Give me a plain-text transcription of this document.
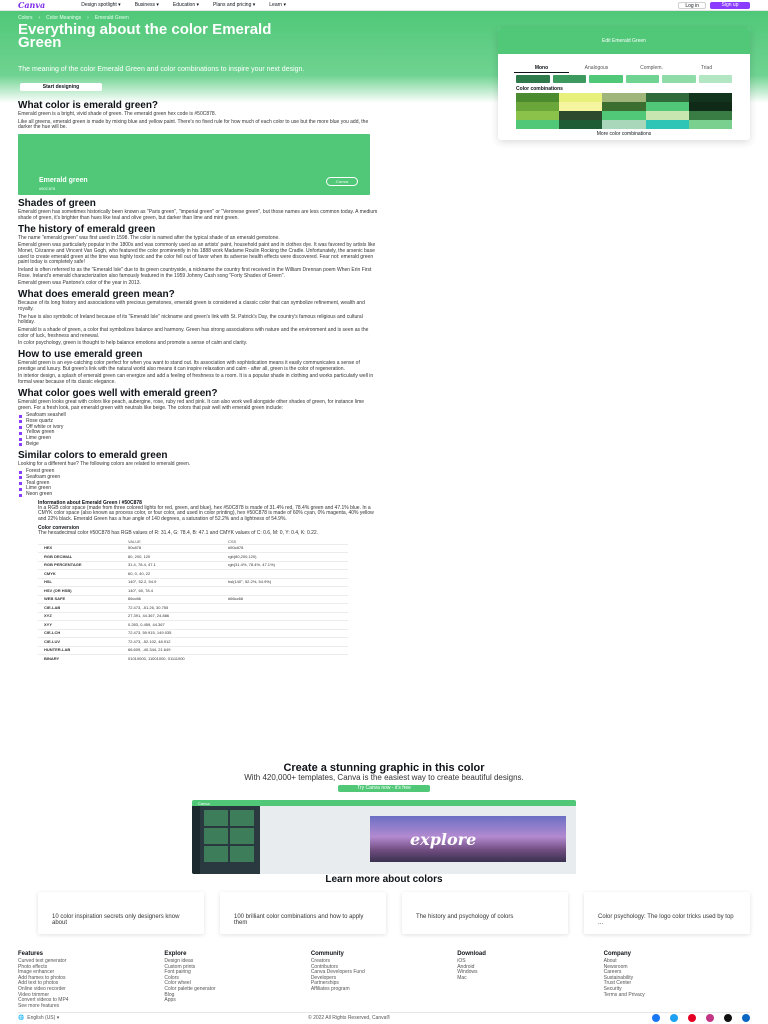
Canva	Design spotlight ▾	Business ▾	Education ▾	Plans and pricing ▾	Learn ▾	Log in	Sign up
Colors › Color Meanings › Emerald Green
Everything about the color Emerald Green
The meaning of the color Emerald Green and color combinations to inspire your next design.
Start designing
Edit Emerald Green
Mono	Analogous	Complem.	Triad
Color combinations
More color combinations
What color is emerald green?

Emerald green is a bright, vivid shade of green. The emerald green hex code is #50C878.

Like all greens, emerald green is made by mixing blue and yellow paint. There's no fixed rule for how much of each color to use but the more blue you add, the darker the hue will be.

Emerald green
#50C878
Canva
Shades of green

Emerald green has sometimes historically been known as "Paris green", "imperial green" or "Veronese green", but those names are less common today. A medium shade of green, it's brighter than hues like teal and olive green, but darker than lime and mint green.

The history of emerald green

The name "emerald green" was first used in 1598. The color is named after the typical shade of an emerald gemstone.

Emerald green was particularly popular in the 1800s and was commonly used as an artists' paint, household paint and in clothes dye. It was favored by artists like Monet, Cézanne and Vincent Van Gogh, who featured the color prominently in his 1888 work Madame Roulin Rocking the Cradle. Unfortunately, the arsenic base used to create emerald green at the time was highly toxic and the color fell out of favor when its adverse health effects were discovered. Fear not: emerald green paint today is completely safe!

Ireland is often referred to as the "Emerald Isle" due to its green countryside, a nickname the country first received in the William Drennan poem When Erin First Rose. Ireland's emerald characterization also famously featured in the 1959 Johnny Cash song "Forty Shades of Green".

Emerald green was Pantone's color of the year in 2013.

What does emerald green mean?

Because of its long history and associations with precious gemstones, emerald green is considered a classic color that can symbolize refinement, wealth and royalty.

The hue is also symbolic of Ireland because of its "Emerald Isle" nickname and green's link with St. Patrick's Day, the country's famous religious and cultural holiday.

Emerald is a shade of green, a color that symbolizes balance and harmony. Green has strong associations with nature and the environment and is seen as the color of luck, freshness and renewal.

In color psychology, green is thought to help balance emotions and promote a sense of calm and clarity.

How to use emerald green

Emerald green is an eye-catching color perfect for when you want to stand out. Its association with sophistication means it easily communicates a sense of prestige and luxury. But green's link with the natural world also means it can inspire relaxation and calm - after all, green is the color of regeneration.

In interior design, a splash of emerald green can energize and add a feeling of freshness to a room. It is a popular shade in clothing and works particularly well in formal wear because of its classic elegance.

What color goes well with emerald green?

Emerald green looks great with colors like peach, aubergine, rose, ruby red and pink. It can also work well alongside other shades of green, for instance lime green. For a fresh look, pair emerald green with neutrals like beige. The colors that pair well with emerald green include:

Seafoam seashell
Rose quartz
Off white or ivory
Yellow green
Lime green
Beige
Similar colors to emerald green

Looking for a different hue? The following colors are related to emerald green.

Forest green
Seafoam green
Teal green
Lime green
Neon green
Information about Emerald Green / #50C878

In a RGB color space (made from three colored lights for red, green, and blue), hex #50C878 is made of 31.4% red, 78.4% green and 47.1% blue. In a CMYK color space (also known as process color, or four color, and used in color printing), hex #50C878 is made of 60% cyan, 0% magenta, 40% yellow and 22% black. Emerald Green has a hue angle of 140 degrees, a saturation of 52.2% and a lightness of 54.9%.

Color conversion

The hexadecimal color #50C878 has RGB values of R: 31.4, G: 78.4, B: 47.1 and CMYK values of C: 0.6, M: 0, Y: 0.4, K: 0.22.

	VALUE	CSS
HEX	50c878	#50c878
RGB DECIMAL	80, 200, 120	rgb(80,200,120)
RGB PERCENTAGE	31.4, 78.4, 47.1	rgb(31.4%, 78.4%, 47.1%)
CMYK	60, 0, 40, 22	
HSL	140°, 52.2, 54.9	hsl(140°, 52.2%, 54.9%)
HSV (OR HSB)	140°, 60, 78.4	
WEB SAFE	66cc66	#66cc66
CIE-LAB	72.473, -51.26, 30.755	
XYZ	27.391, 44.367, 24.886	
XYY	0.283, 0.459, 44.367	
CIE-LCH	72.473, 59.915, 149.035	
CIE-LUV	72.473, -52.102, 48.912	
HUNTER-LAB	66.609, -40.344, 21.649	
BINARY	01010000, 11001000, 01111000	
Create a stunning graphic in this color
With 420,000+ templates, Canva is the easiest way to create beautiful designs.
Try Canva now - it's free
Canva
explore
Learn more about colors
10 color inspiration secrets only designers know about
100 brilliant color combinations and how to apply them
The history and psychology of colors	Color psychology: The logo color tricks used by top ...
Features
Curved text generator
Photo effects
Image enhancer
Add frames to photos
Add text to photos
Online video recorder
Video trimmer
Convert videos to MP4
See more features
Explore
Design ideas
Custom prints
Font pairing
Colors
Color wheel
Color palette generator
Blog
Apps
Community
Creators
Contributors
Canva Developers Fund
Developers
Partnerships
Affiliates program
Download
iOS
Android
Windows
Mac
Company
About
Newsroom
Careers
Sustainability
Trust Center
Security
Terms and Privacy
🌐 English (US) ▾	© 2022 All Rights Reserved, Canva®
